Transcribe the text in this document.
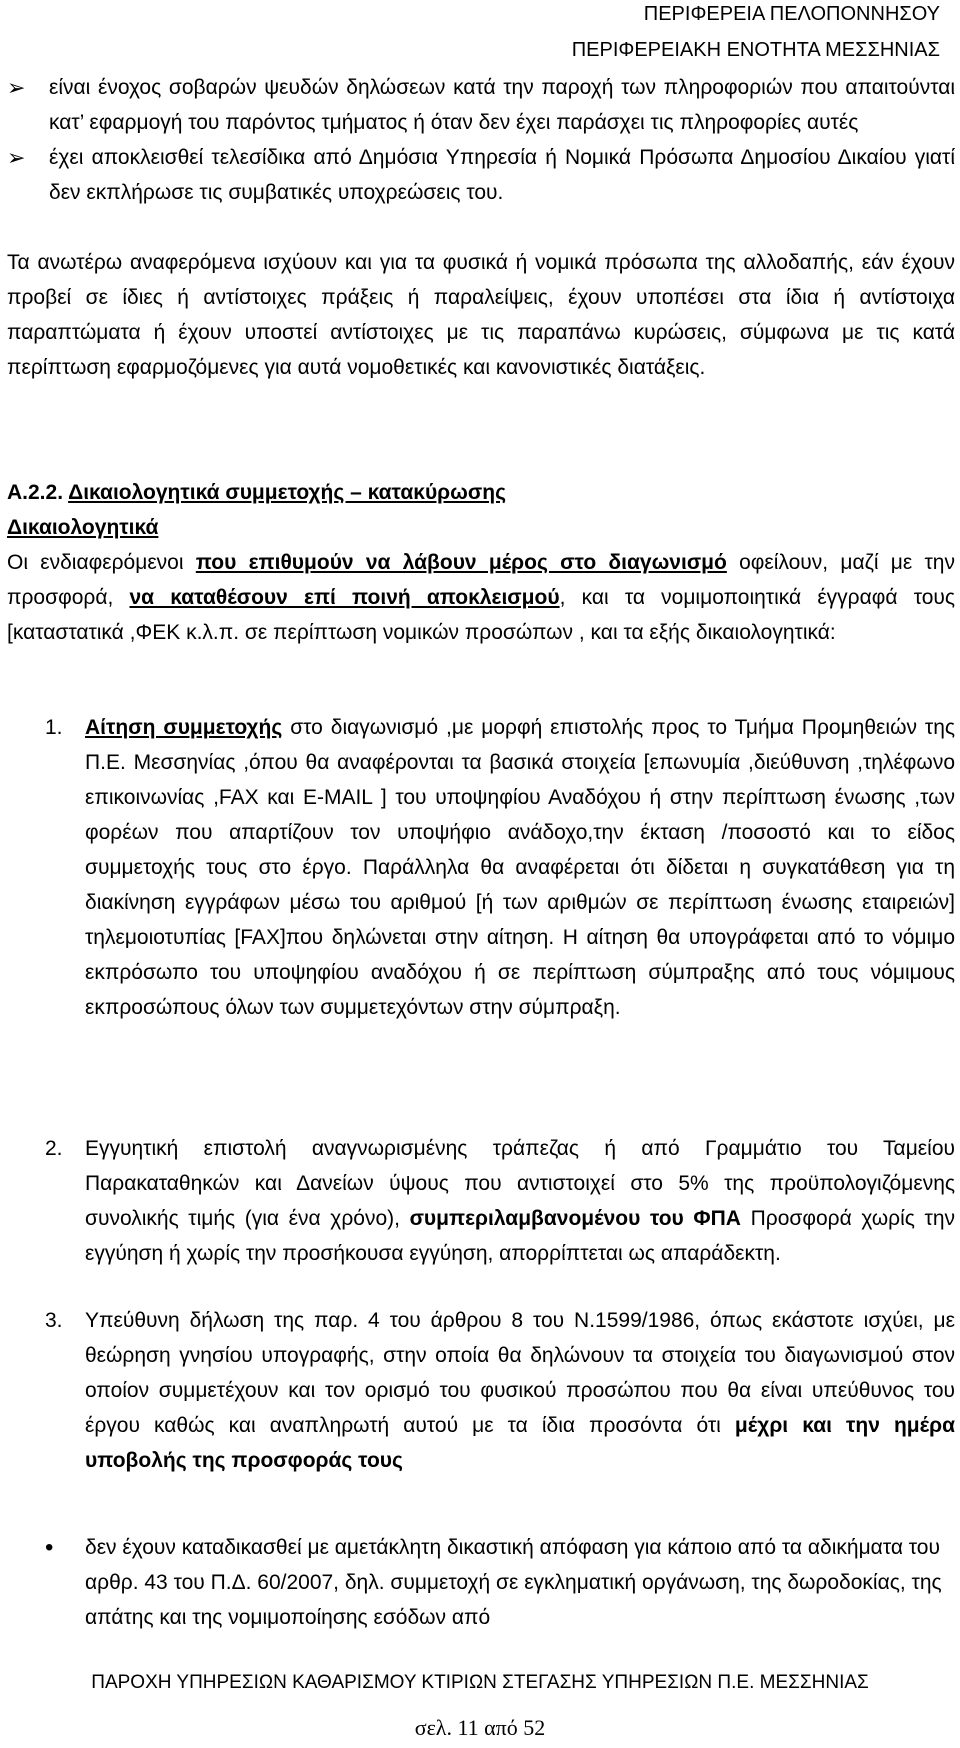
ΠΕΡΙΦΕΡΕΙΑ ΠΕΛΟΠΟΝΝΗΣΟΥ
ΠΕΡΙΦΕΡΕΙΑΚΗ ΕΝΟΤΗΤΑ ΜΕΣΣΗΝΙΑΣ
➢ είναι ένοχος σοβαρών ψευδών δηλώσεων κατά την παροχή των πληροφοριών που απαιτούνται κατ’ εφαρμογή του παρόντος τμήματος ή όταν δεν έχει παράσχει τις πληροφορίες αυτές
➢ έχει αποκλεισθεί τελεσίδικα από Δημόσια Υπηρεσία ή Νομικά Πρόσωπα Δημοσίου Δικαίου γιατί δεν εκπλήρωσε τις συμβατικές υποχρεώσεις του.
Τα ανωτέρω αναφερόμενα ισχύουν και για τα φυσικά ή νομικά πρόσωπα της αλλοδαπής, εάν έχουν προβεί σε ίδιες ή αντίστοιχες πράξεις ή παραλείψεις, έχουν υποπέσει στα ίδια ή αντίστοιχα παραπτώματα ή έχουν υποστεί αντίστοιχες με τις παραπάνω κυρώσεις, σύμφωνα με τις κατά περίπτωση εφαρμοζόμενες για αυτά νομοθετικές και κανονιστικές διατάξεις.
Α.2.2. Δικαιολογητικά συμμετοχής – κατακύρωσης
Δικαιολογητικά
Οι ενδιαφερόμενοι που επιθυμούν να λάβουν μέρος στο διαγωνισμό οφείλουν, μαζί με την προσφορά, να καταθέσουν επί ποινή αποκλεισμού, και τα νομιμοποιητικά έγγραφά τους [καταστατικά ,ΦΕΚ κ.λ.π. σε περίπτωση νομικών προσώπων , και τα εξής δικαιολογητικά:
1. Αίτηση συμμετοχής στο διαγωνισμό ,με μορφή επιστολής προς το Τμήμα Προμηθειών της Π.Ε. Μεσσηνίας ,όπου θα αναφέρονται τα βασικά στοιχεία [επωνυμία ,διεύθυνση ,τηλέφωνο επικοινωνίας ,FAX και E-MAIL ] του υποψηφίου Αναδόχου ή στην περίπτωση ένωσης ,των φορέων που απαρτίζουν τον υποψήφιο ανάδοχο,την έκταση /ποσοστό και το είδος συμμετοχής τους στο έργο. Παράλληλα θα αναφέρεται ότι δίδεται η συγκατάθεση για τη διακίνηση εγγράφων μέσω του αριθμού [ή των αριθμών σε περίπτωση ένωσης εταιρειών] τηλεμοιοτυπίας [FAX]που δηλώνεται στην αίτηση. Η αίτηση θα υπογράφεται από το νόμιμο εκπρόσωπο του υποψηφίου αναδόχου ή σε περίπτωση σύμπραξης από τους νόμιμους εκπροσώπους όλων των συμμετεχόντων στην σύμπραξη.
2. Εγγυητική επιστολή αναγνωρισμένης τράπεζας ή από Γραμμάτιο του Ταμείου Παρακαταθηκών και Δανείων ύψους που αντιστοιχεί στο 5% της προϋπολογιζόμενης συνολικής τιμής (για ένα χρόνο), συμπεριλαμβανομένου του ΦΠΑ Προσφορά χωρίς την εγγύηση ή χωρίς την προσήκουσα εγγύηση, απορρίπτεται ως απαράδεκτη.
3. Υπεύθυνη δήλωση της παρ. 4 του άρθρου 8 του Ν.1599/1986, όπως εκάστοτε ισχύει, με θεώρηση γνησίου υπογραφής, στην οποία θα δηλώνουν τα στοιχεία του διαγωνισμού στον οποίον συμμετέχουν και τον ορισμό του φυσικού προσώπου που θα είναι υπεύθυνος του έργου καθώς και αναπληρωτή αυτού με τα ίδια προσόντα ότι μέχρι και την ημέρα υποβολής της προσφοράς τους
• δεν έχουν καταδικασθεί με αμετάκλητη δικαστική απόφαση για κάποιο από τα αδικήματα του αρθρ. 43 του Π.Δ. 60/2007, δηλ. συμμετοχή σε εγκληματική οργάνωση, της δωροδοκίας, της απάτης και της νομιμοποίησης εσόδων από
ΠΑΡΟΧΗ ΥΠΗΡΕΣΙΩΝ ΚΑΘΑΡΙΣΜΟΥ ΚΤΙΡΙΩΝ ΣΤΕΓΑΣΗΣ ΥΠΗΡΕΣΙΩΝ Π.Ε. ΜΕΣΣΗΝΙΑΣ
σελ. 11 από 52
